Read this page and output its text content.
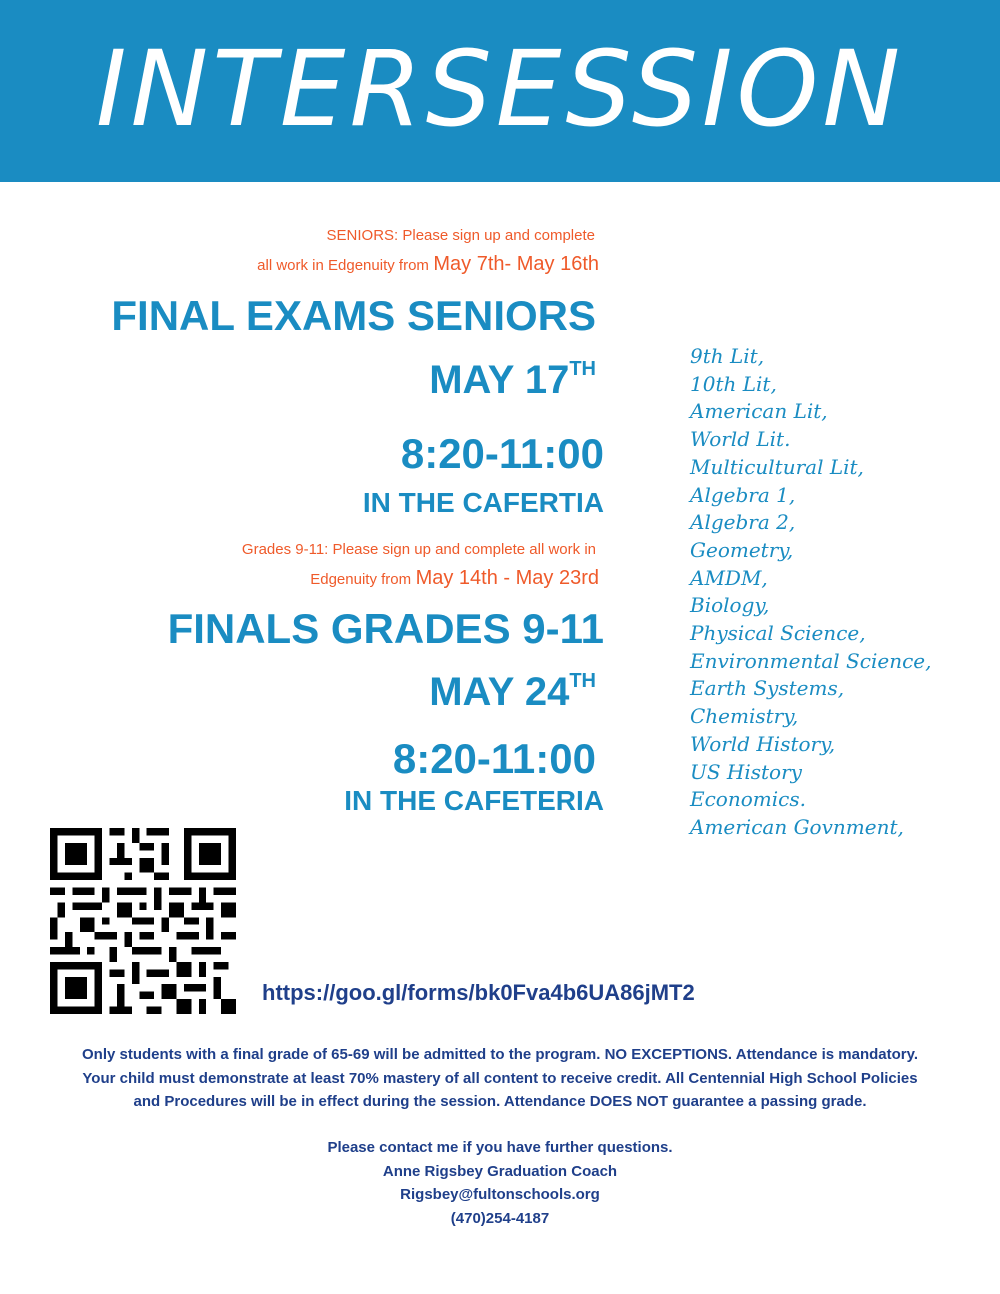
INTERSESSION
SENIORS: Please sign up and complete
all work in Edgenuity from May 7th- May 16th
FINAL EXAMS SENIORS
MAY 17TH
8:20-11:00
IN THE CAFERTIA
Grades 9-11: Please sign up and complete all work in
Edgenuity from May 14th - May 23rd
FINALS GRADES 9-11
MAY 24TH
8:20-11:00
IN THE CAFETERIA
9th Lit,
10th Lit,
American Lit,
World Lit.
Multicultural Lit,
Algebra 1,
Algebra 2,
Geometry,
AMDM,
Biology,
Physical Science,
Environmental Science,
Earth Systems,
Chemistry,
World History,
US History
Economics.
American Govnment,
https://goo.gl/forms/bk0Fva4b6UA86jMT2
Only students with a final grade of 65-69 will be admitted to the program. NO EXCEPTIONS. Attendance is mandatory.
Your child must demonstrate at least 70% mastery of all content to receive credit. All Centennial High School Policies
and Procedures will be in effect during the session. Attendance DOES NOT guarantee a passing grade.
Please contact me if you have further questions.
Anne Rigsbey Graduation Coach
Rigsbey@fultonschools.org
(470)254-4187
